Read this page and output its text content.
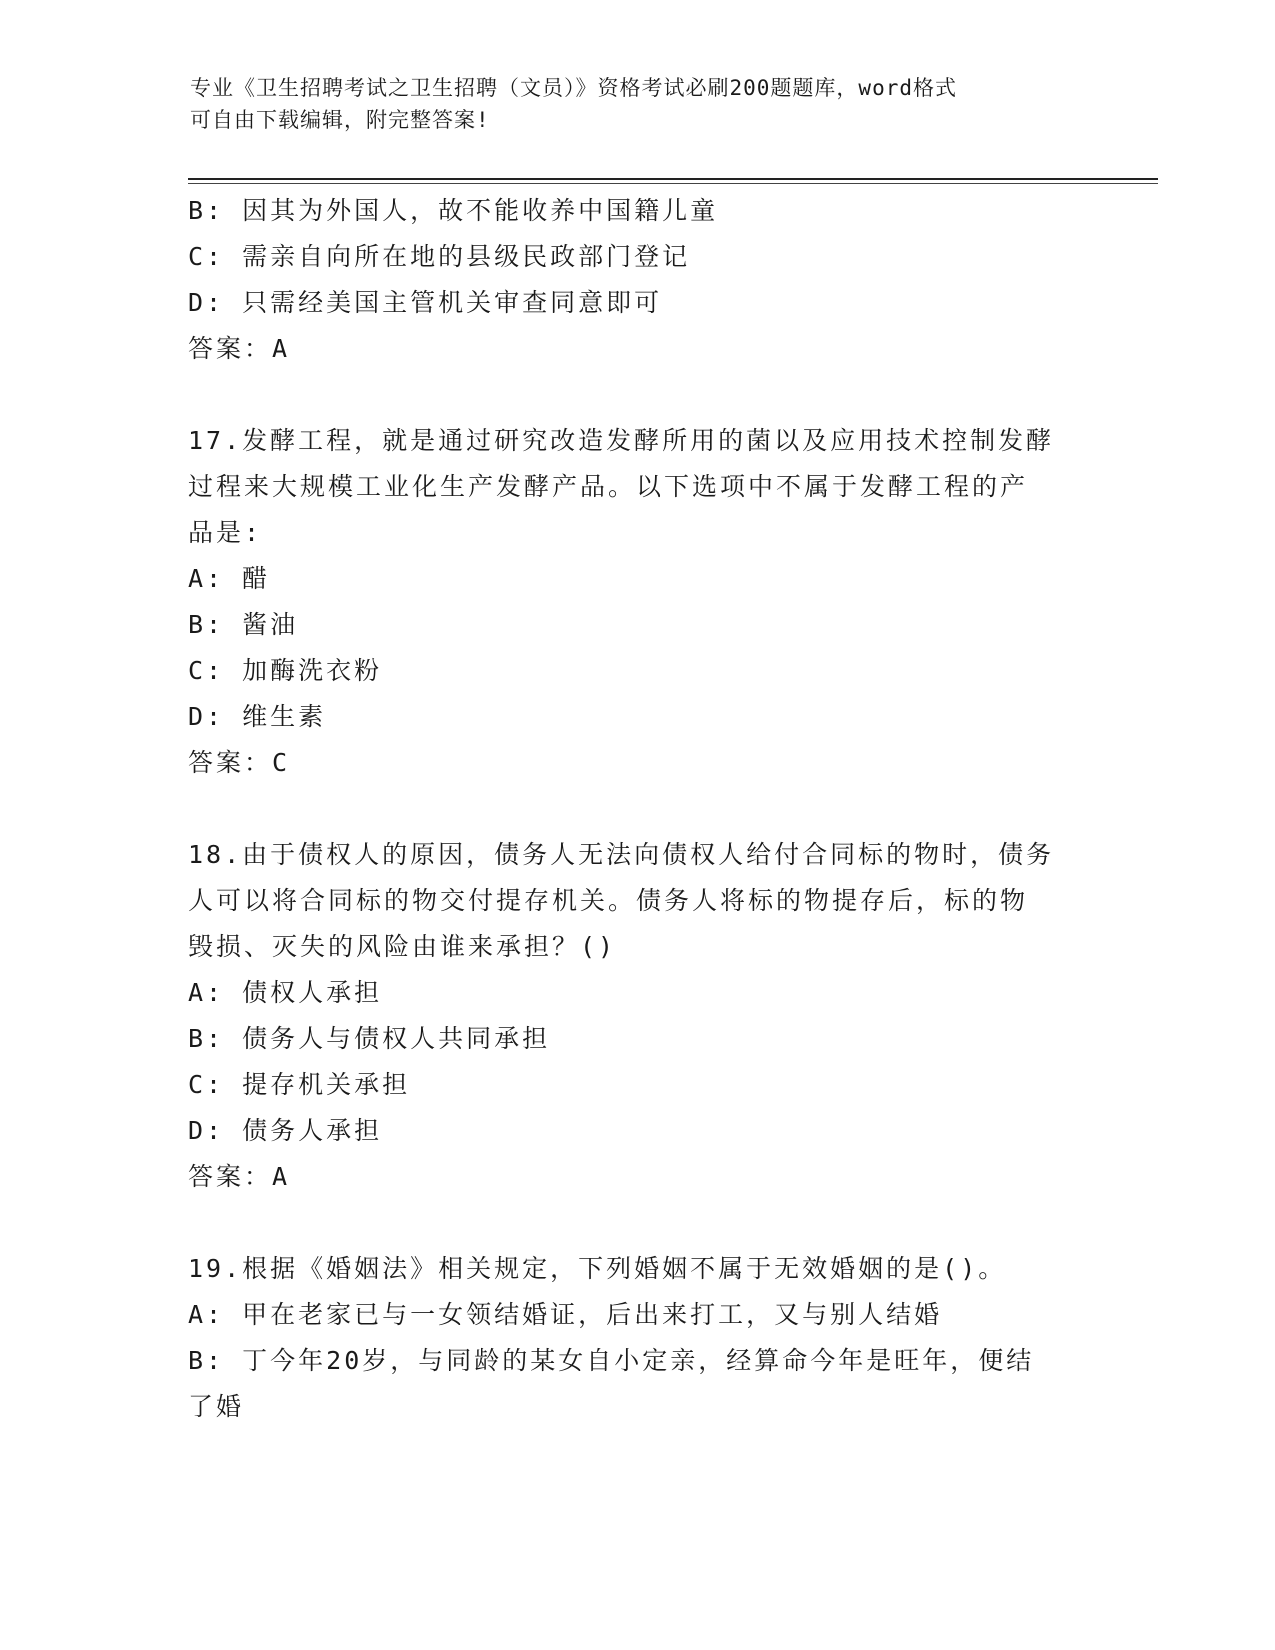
专业《卫生招聘考试之卫生招聘（文员）》资格考试必刷200题题库，word格式
可自由下载编辑，附完整答案!
B: 因其为外国人，故不能收养中国籍儿童
C: 需亲自向所在地的县级民政部门登记
D: 只需经美国主管机关审查同意即可
答案：A
17.发酵工程，就是通过研究改造发酵所用的菌以及应用技术控制发酵
过程来大规模工业化生产发酵产品。以下选项中不属于发酵工程的产
品是:
A: 醋
B: 酱油
C: 加酶洗衣粉
D: 维生素
答案：C
18.由于债权人的原因，债务人无法向债权人给付合同标的物时，债务
人可以将合同标的物交付提存机关。债务人将标的物提存后，标的物
毁损、灭失的风险由谁来承担？()
A: 债权人承担
B: 债务人与债权人共同承担
C: 提存机关承担
D: 债务人承担
答案：A
19.根据《婚姻法》相关规定，下列婚姻不属于无效婚姻的是()。
A: 甲在老家已与一女领结婚证，后出来打工，又与别人结婚
B: 丁今年20岁，与同龄的某女自小定亲，经算命今年是旺年，便结
了婚
